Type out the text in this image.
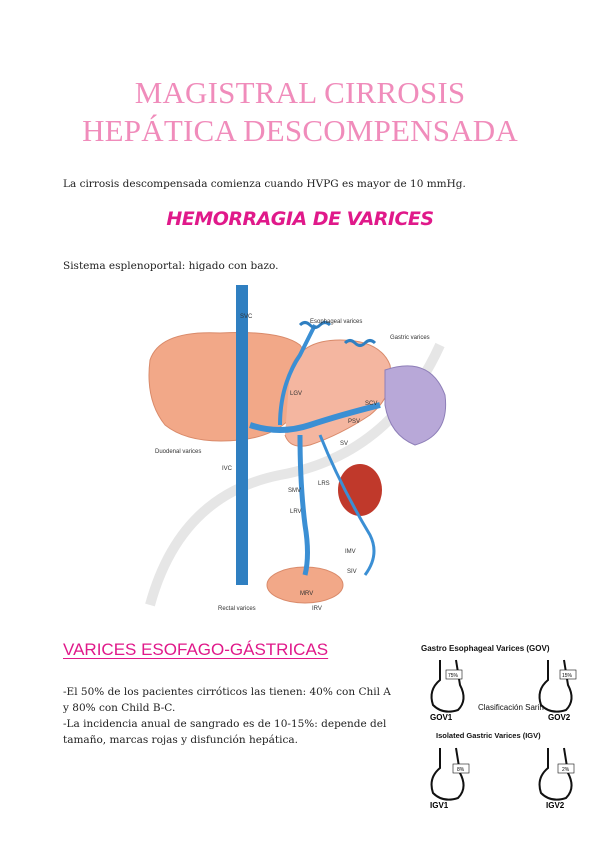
MAGISTRAL CIRROSIS
HEPÁTICA DESCOMPENSADA
La cirrosis descompensada comienza cuando HVPG es mayor de 10 mmHg.
HEMORRAGIA DE VARICES
Sistema esplenoportal: higado con bazo.
SVC
Esophageal varices
Gastric varices
LGV
SCV
PSV
SV
Duodenal varices
IVC
LRS
SMV
LRV
IMV
SIV
Rectal varices
MRV
IRV
VARICES ESOFAGO-GÁSTRICAS

-El 50% de los pacientes cirróticos las tienen: 40% con Chil A y 80% con Child B-C.

-La incidencia anual de sangrado es de 10-15%: depende del tamaño, marcas rojas y disfunción hepática.

Gastro Esophageal Varices (GOV)
Isolated Gastric Varices (IGV)
Clasificación Sarin
75%
GOV1
15%
GOV2
8%
IGV1
2%
IGV2
